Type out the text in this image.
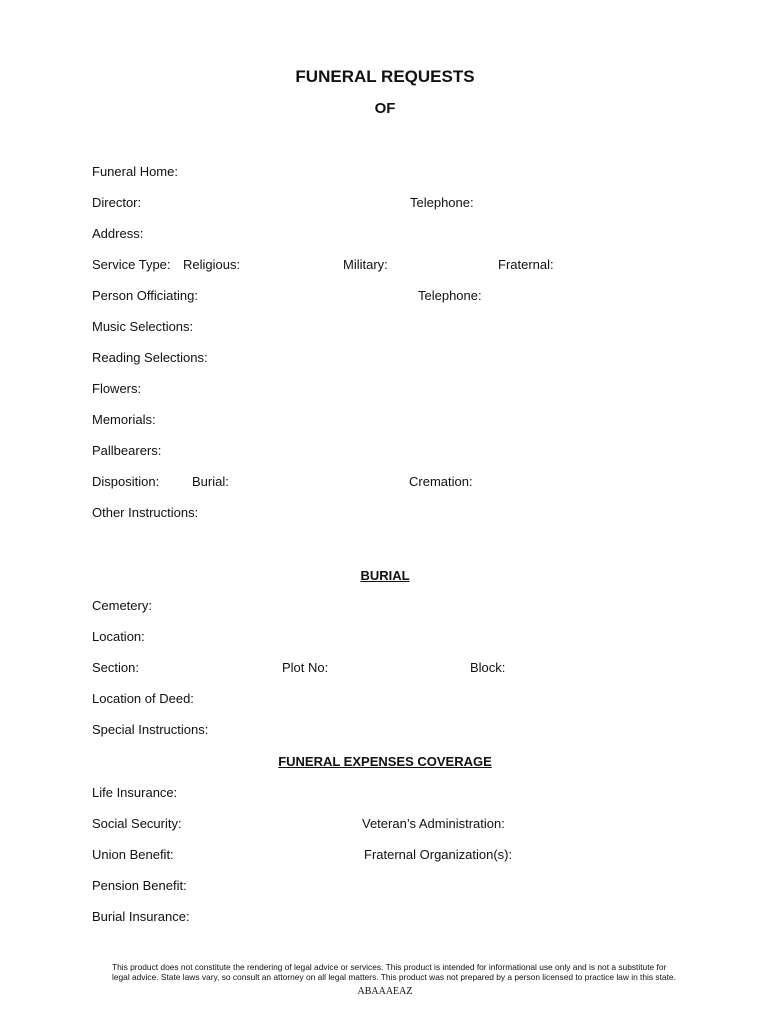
FUNERAL REQUESTS
OF
Funeral Home:
Director:	Telephone:
Address:
Service Type: Religious:	Military:	Fraternal:
Person Officiating:	Telephone:
Music Selections:
Reading Selections:
Flowers:
Memorials:
Pallbearers:
Disposition:	Burial:	Cremation:
Other Instructions:
BURIAL
Cemetery:
Location:
Section:	Plot No:	Block:
Location of Deed:
Special Instructions:
FUNERAL EXPENSES COVERAGE
Life Insurance:
Social Security:	Veteran’s Administration:
Union Benefit:	Fraternal Organization(s):
Pension Benefit:
Burial Insurance:
This product does not constitute the rendering of legal advice or services. This product is intended for informational use only and is not a substitute for legal advice. State laws vary, so consult an attorney on all legal matters. This product was not prepared by a person licensed to practice law in this state.
ABAAAEAZ
